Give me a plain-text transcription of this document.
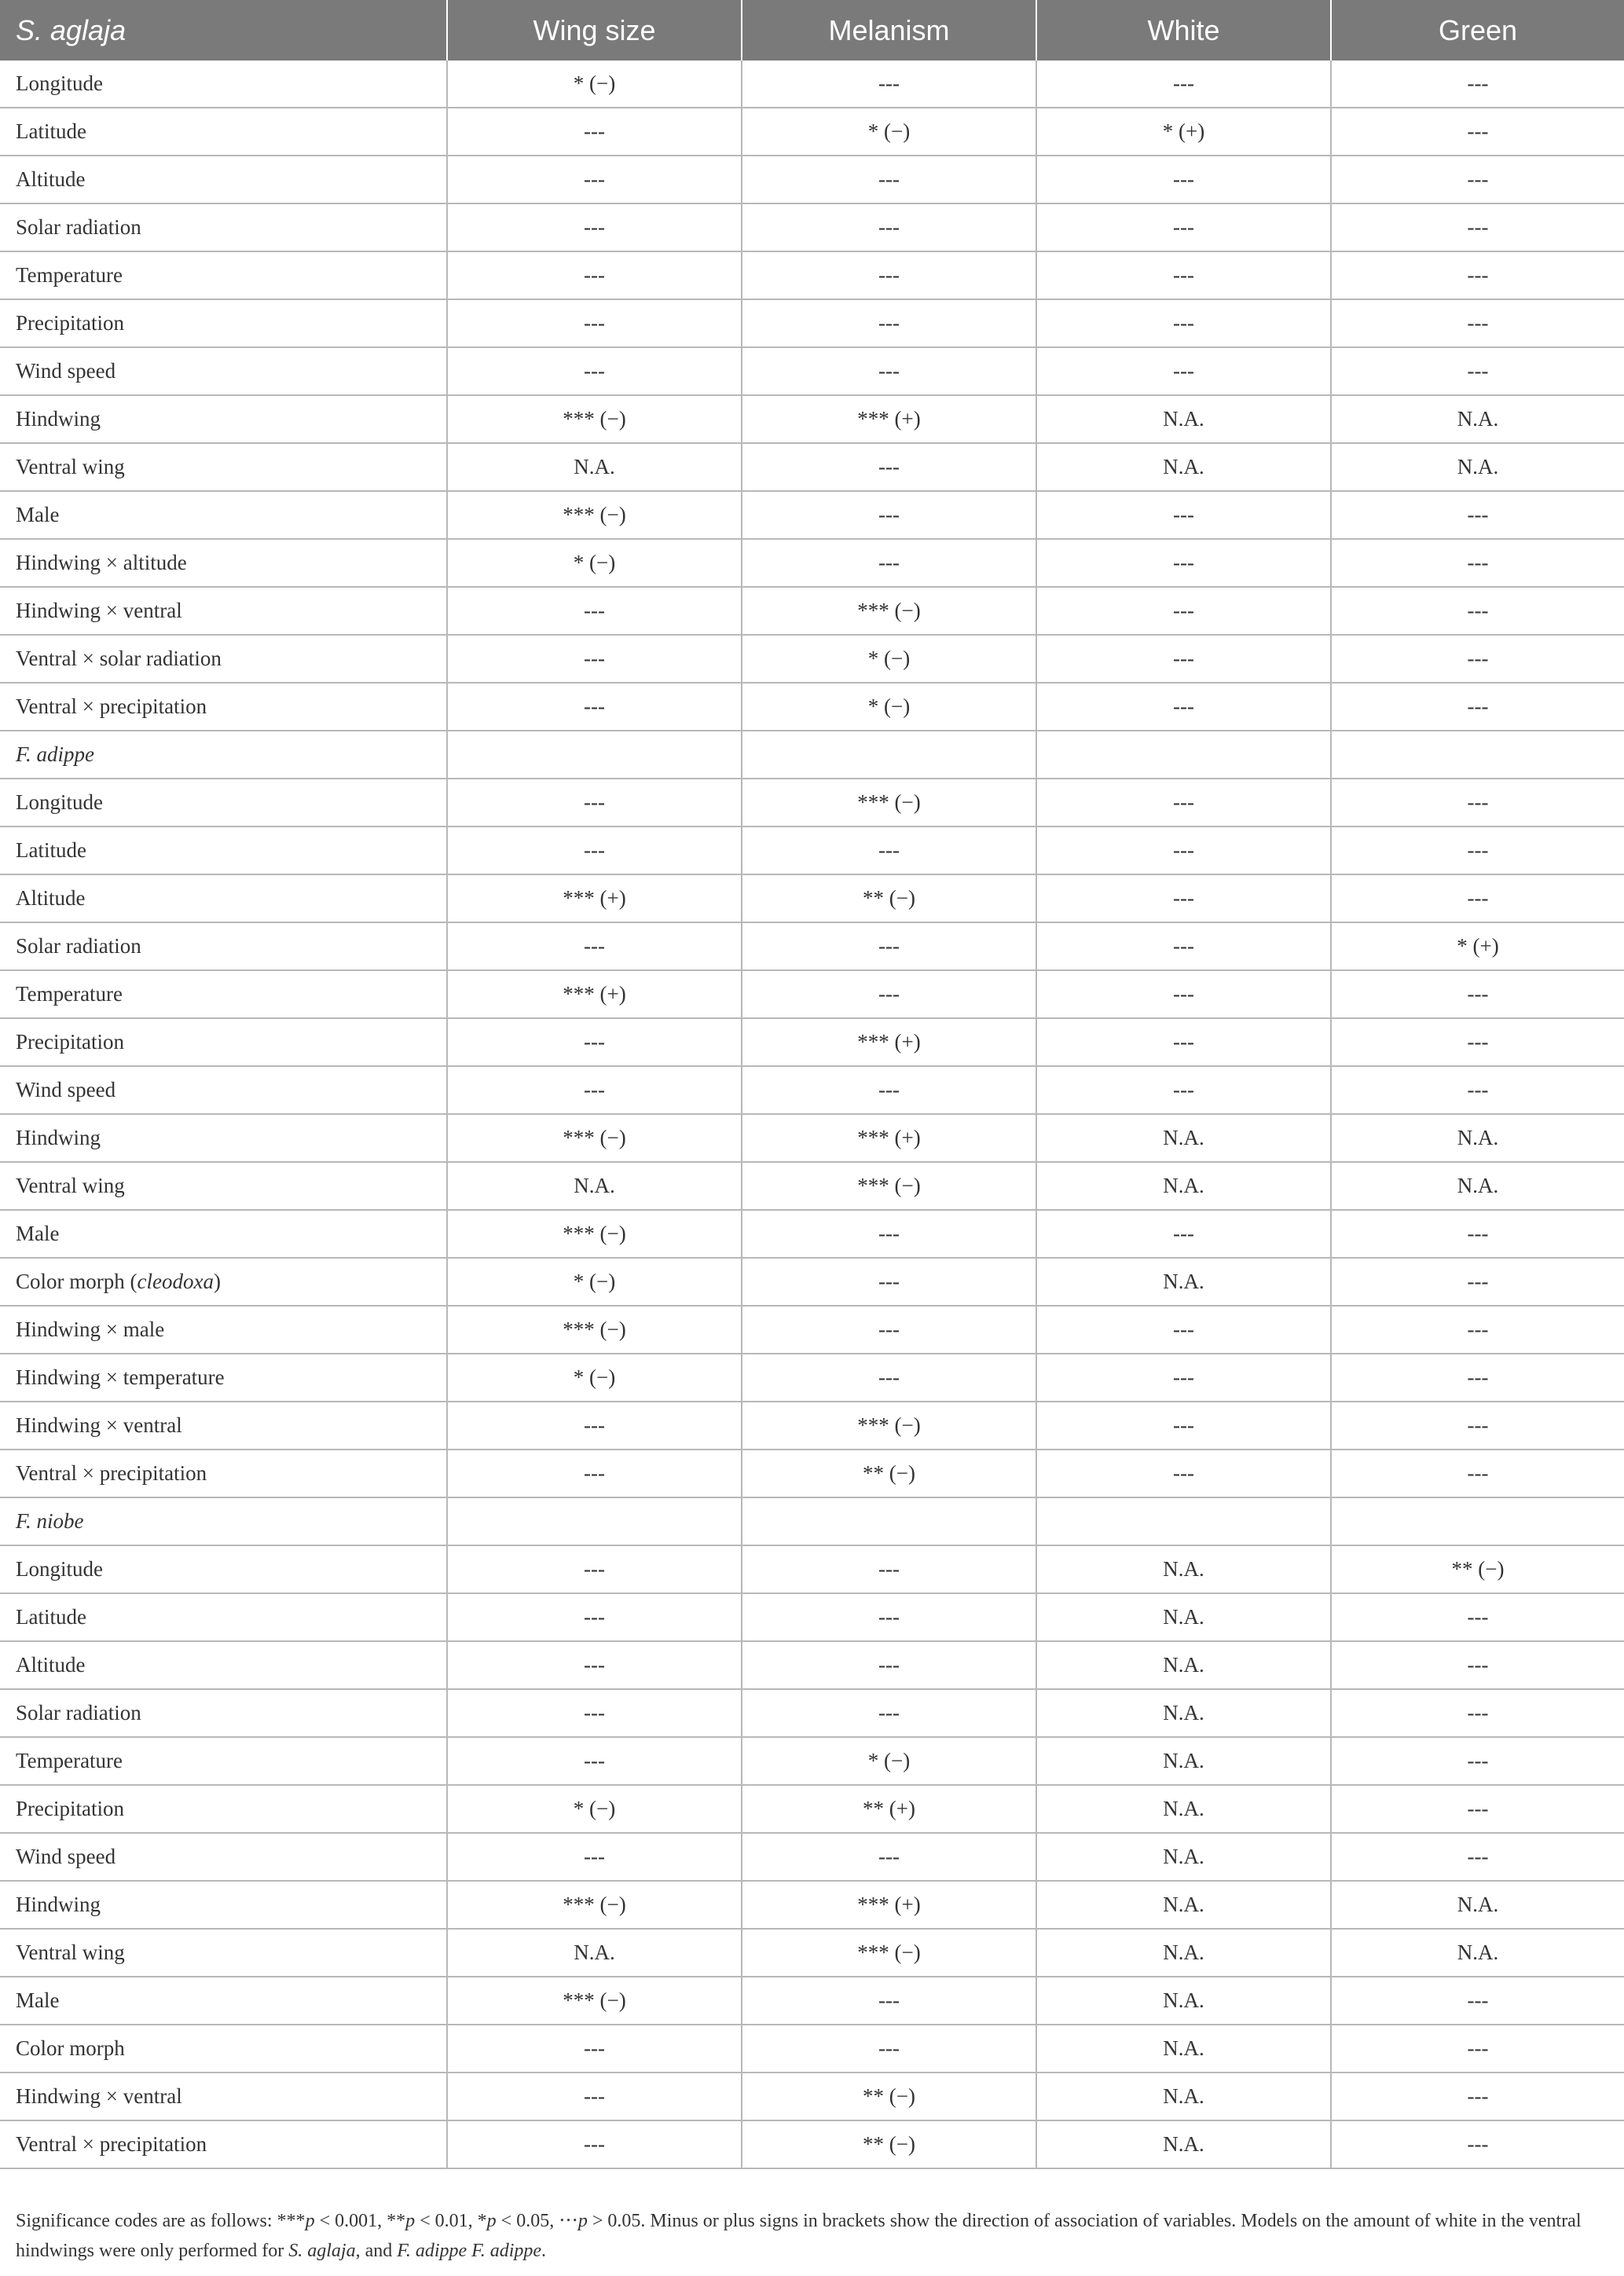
S. aglaja	Wing size	Melanism	White	Green
Longitude	* (−)	---	---	---
Latitude	---	* (−)	* (+)	---
Altitude	---	---	---	---
Solar radiation	---	---	---	---
Temperature	---	---	---	---
Precipitation	---	---	---	---
Wind speed	---	---	---	---
Hindwing	*** (−)	*** (+)	N.A.	N.A.
Ventral wing	N.A.	---	N.A.	N.A.
Male	*** (−)	---	---	---
Hindwing × altitude	* (−)	---	---	---
Hindwing × ventral	---	*** (−)	---	---
Ventral × solar radiation	---	* (−)	---	---
Ventral × precipitation	---	* (−)	---	---
F. adippe				
Longitude	---	*** (−)	---	---
Latitude	---	---	---	---
Altitude	*** (+)	** (−)	---	---
Solar radiation	---	---	---	* (+)
Temperature	*** (+)	---	---	---
Precipitation	---	*** (+)	---	---
Wind speed	---	---	---	---
Hindwing	*** (−)	*** (+)	N.A.	N.A.
Ventral wing	N.A.	*** (−)	N.A.	N.A.
Male	*** (−)	---	---	---
Color morph (cleodoxa)	* (−)	---	N.A.	---
Hindwing × male	*** (−)	---	---	---
Hindwing × temperature	* (−)	---	---	---
Hindwing × ventral	---	*** (−)	---	---
Ventral × precipitation	---	** (−)	---	---
F. niobe				
Longitude	---	---	N.A.	** (−)
Latitude	---	---	N.A.	---
Altitude	---	---	N.A.	---
Solar radiation	---	---	N.A.	---
Temperature	---	* (−)	N.A.	---
Precipitation	* (−)	** (+)	N.A.	---
Wind speed	---	---	N.A.	---
Hindwing	*** (−)	*** (+)	N.A.	N.A.
Ventral wing	N.A.	*** (−)	N.A.	N.A.
Male	*** (−)	---	N.A.	---
Color morph	---	---	N.A.	---
Hindwing × ventral	---	** (−)	N.A.	---
Ventral × precipitation	---	** (−)	N.A.	---
Significance codes are as follows: ***p < 0.001, **p < 0.01, *p < 0.05, ⋅⋅⋅p > 0.05. Minus or plus signs in brackets show the direction of association of variables. Models on the amount of white in the ventral hindwings were only performed for S. aglaja, and F. adippe F. adippe.
